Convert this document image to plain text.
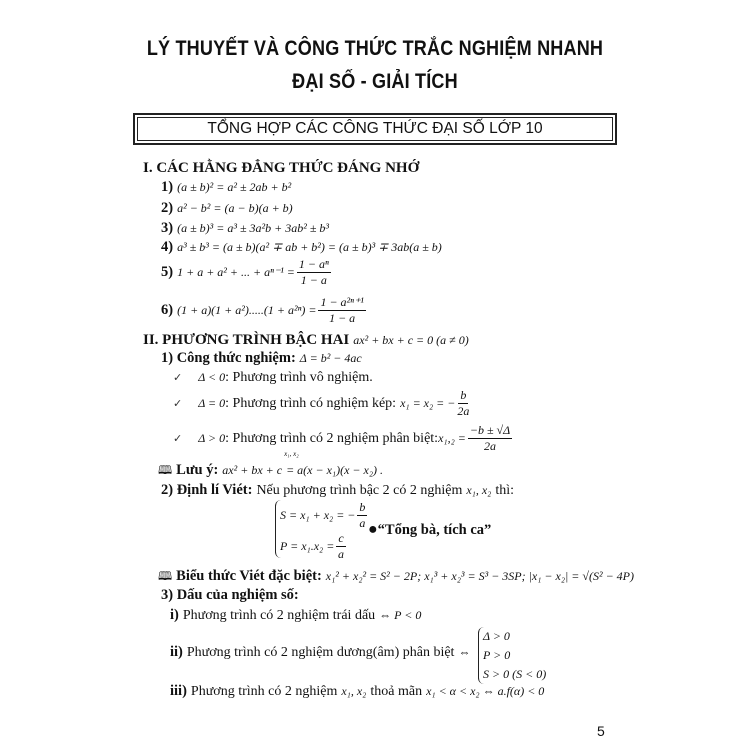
LÝ THUYẾT VÀ CÔNG THỨC TRẮC NGHIỆM NHANH
ĐẠI SỐ - GIẢI TÍCH
TỔNG HỢP CÁC CÔNG THỨC ĐẠI SỐ LỚP 10
I. CÁC HẰNG ĐẲNG THỨC ĐÁNG NHỚ
1) (a ± b)² = a² ± 2ab + b²
2) a² − b² = (a − b)(a + b)
3) (a ± b)³ = a³ ± 3a²b + 3ab² ± b³
4) a³ ± b³ = (a ± b)(a² ∓ ab + b²) = (a ± b)³ ∓ 3ab(a ± b)
5) 1 + a + a² + ... + $a^{n-1} = \frac{\text{1 − aⁿ}}{1 - a}$
6) $(1 + a)(1 + a^2).....(1 + a^{2n}) = \frac{\text{1 − a²ⁿ⁺¹}}{1 - a}$
II. PHƯƠNG TRÌNH BẬC HAI ax² + bx + c = 0 (a ≠ 0)
1) Công thức nghiệm: Δ = b² − 4ac
✓ Δ < 0: Phương trình vô nghiệm.
✓ Δ = 0: Phương trình có nghiệm kép: x₁ = x₂ = − $\frac{b}{2a}$
✓ Δ > 0: Phương trình có 2 nghiệm phân biệt:x₁,₂ = $\frac{-b \pm √\Delta}{2a}$
🕮 Lưu ý: ax² + bx + c
x₁, x₂
= a(x − x₁)(x − x₂) .
2) Định lí Viét: Nếu phương trình bậc 2 có 2 nghiệm x₁, x₂ thì:
S = x₁ + x₂ = − $\frac{b}{a}$
$P = x_1.x_2 = \frac{c}{a}$
●“Tổng bà, tích ca”
🕮 Biểu thức Viét đặc biệt: x₁² + x₂² = S² − 2P; x₁³ + x₂³ = S³ − 3SP; |x₁ − x₂| = √(S² − 4P)
3) Dấu của nghiệm số:
i) Phương trình có 2 nghiệm trái dấu ⇔ P < 0
ii) Phương trình có 2 nghiệm dương(âm) phân biệt ⇔
Δ > 0
P > 0
S > 0 (S < 0)
iii) Phương trình có 2 nghiệm x₁, x₂ thoả mãn x₁ < α < x₂ ⇔ a.f(α) < 0
5
